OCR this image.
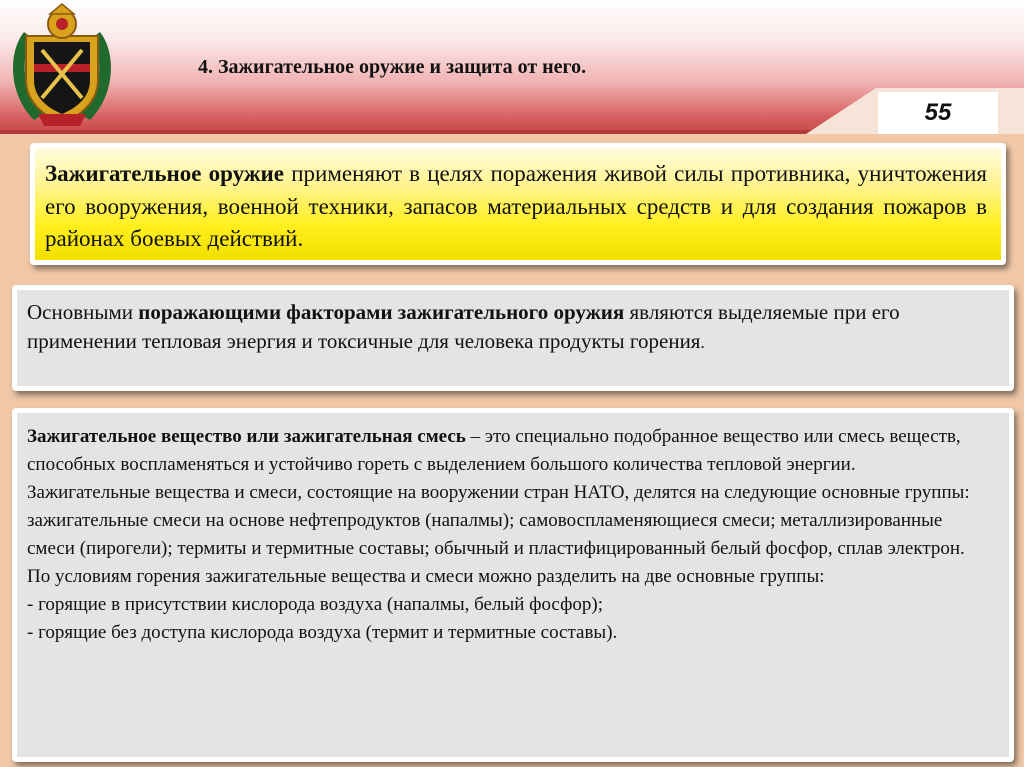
4. Зажигательное оружие и защита от него.
55

Зажигательное оружие применяют в целях поражения живой силы противника, уничтожения его вооружения, военной техники, запасов материальных средств и для создания пожаров в районах боевых действий.

Основными поражающими факторами зажигательного оружия являются выделяемые при его применении тепловая энергия и токсичные для человека продукты горения.

Зажигательное вещество или зажигательная смесь – это специально подобранное вещество или смесь веществ, способных воспламеняться и устойчиво гореть с выделением большого количества тепловой энергии.

Зажигательные вещества и смеси, состоящие на вооружении стран НАТО, делятся на следующие основные группы: зажигательные смеси на основе нефтепродуктов (напалмы); самовоспламеняющиеся смеси; металлизированные смеси (пирогели); термиты и термитные составы; обычный и пластифицированный белый фосфор, сплав электрон.

По условиям горения зажигательные вещества и смеси можно разделить на две основные группы:

- горящие в присутствии кислорода воздуха (напалмы, белый фосфор);

- горящие без доступа кислорода воздуха (термит и термитные составы).
